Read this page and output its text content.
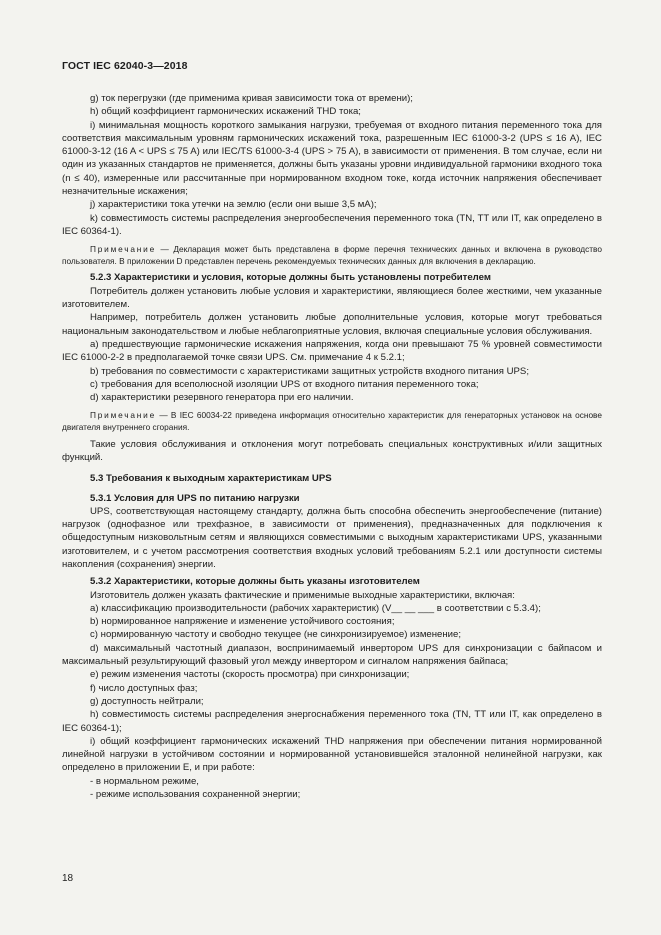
ГОСТ IEC 62040-3—2018

g) ток перегрузки (где применима кривая зависимости тока от времени);

h) общий коэффициент гармонических искажений THD тока;

i) минимальная мощность короткого замыкания нагрузки, требуемая от входного питания переменного тока для соответствия максимальным уровням гармонических искажений тока, разрешенным IEC 61000-3-2 (UPS ≤ 16 A), IEC 61000-3-12 (16 A < UPS ≤ 75 A) или IEC/TS 61000-3-4 (UPS > 75 A), в зависимости от применения. В том случае, если ни один из указанных стандартов не применяется, должны быть указаны уровни индивидуальной гармоники входного тока (n ≤ 40), измеренные или рассчитанные при нормированном входном токе, когда источник напряжения обеспечивает незначительные искажения;

j) характеристики тока утечки на землю (если они выше 3,5 мА);

k) совместимость системы распределения энергообеспечения переменного тока (TN, TT или IT, как определено в IEC 60364-1).

Примечание — Декларация может быть представлена в форме перечня технических данных и включена в руководство пользователя. В приложении D представлен перечень рекомендуемых технических данных для включения в декларацию.

5.2.3 Характеристики и условия, которые должны быть установлены потребителем

Потребитель должен установить любые условия и характеристики, являющиеся более жесткими, чем указанные изготовителем.

Например, потребитель должен установить любые дополнительные условия, которые могут требоваться национальным законодательством и любые неблагоприятные условия, включая специальные условия обслуживания.

a) предшествующие гармонические искажения напряжения, когда они превышают 75 % уровней совместимости IEC 61000-2-2 в предполагаемой точке связи UPS. См. примечание 4 к 5.2.1;

b) требования по совместимости с характеристиками защитных устройств входного питания UPS;

c) требования для всеполюсной изоляции UPS от входного питания переменного тока;

d) характеристики резервного генератора при его наличии.

Примечание — В IEC 60034-22 приведена информация относительно характеристик для генераторных установок на основе двигателя внутреннего сгорания.

Такие условия обслуживания и отклонения могут потребовать специальных конструктивных и/или защитных функций.

5.3 Требования к выходным характеристикам UPS

5.3.1 Условия для UPS по питанию нагрузки

UPS, соответствующая настоящему стандарту, должна быть способна обеспечить энергообеспечение (питание) нагрузок (однофазное или трехфазное, в зависимости от применения), предназначенных для подключения к общедоступным низковольтным сетям и являющихся совместимыми с выходным характеристиками UPS, указанными изготовителем, и с учетом рассмотрения соответствия входных условий требованиям 5.2.1 или доступности системы накопления (сохранения) энергии.

5.3.2 Характеристики, которые должны быть указаны изготовителем

Изготовитель должен указать фактические и применимые выходные характеристики, включая:

a) классификацию производительности (рабочих характеристик) (V__ __ ___ в соответствии с 5.3.4);

b) нормированное напряжение и изменение устойчивого состояния;

c) нормированную частоту и свободно текущее (не синхронизируемое) изменение;

d) максимальный частотный диапазон, воспринимаемый инвертором UPS для синхронизации с байпасом и максимальный результирующий фазовый угол между инвертором и сигналом напряжения байпаса;

e) режим изменения частоты (скорость просмотра) при синхронизации;

f) число доступных фаз;

g) доступность нейтрали;

h) совместимость системы распределения энергоснабжения переменного тока (TN, TT или IT, как определено в IEC 60364-1);

i) общий коэффициент гармонических искажений THD напряжения при обеспечении питания нормированной линейной нагрузки в устойчивом состоянии и нормированной установившейся эталонной нелинейной нагрузки, как определено в приложении E, и при работе:

- в нормальном режиме,

- режиме использования сохраненной энергии;

18
